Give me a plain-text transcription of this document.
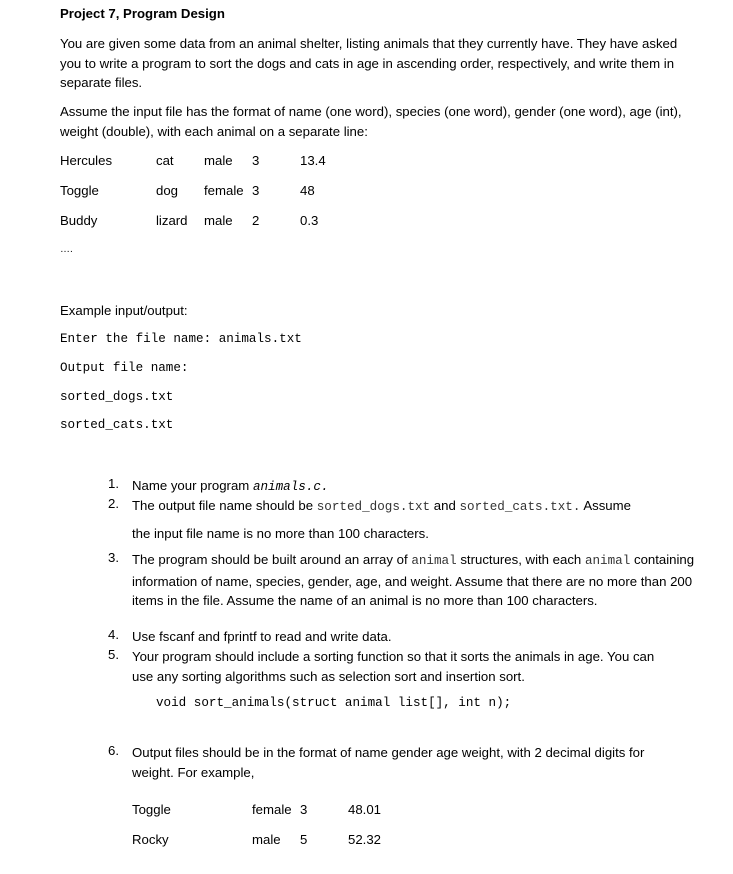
Project 7, Program Design
You are given some data from an animal shelter, listing animals that they currently have. They have asked you to write a program to sort the dogs and cats in age in ascending order, respectively, and write them in separate files.
Assume the input file has the format of name (one word), species (one word), gender (one word), age (int), weight (double), with each animal on a separate line:
Hercules	cat male 3	13.4
Toggle	dog female 3	48
Buddy	lizard male 2	0.3
….
Example input/output:
Enter the file name: animals.txt
Output file name:
sorted_dogs.txt
sorted_cats.txt
1. Name your program animals.c.
2. The output file name should be sorted_dogs.txt and sorted_cats.txt. Assume
the input file name is no more than 100 characters.
3. The program should be built around an array of animal structures, with each animal containing information of name, species, gender, age, and weight. Assume that there are no more than 200 items in the file. Assume the name of an animal is no more than 100 characters.
4. Use fscanf and fprintf to read and write data.
5. Your program should include a sorting function so that it sorts the animals in age. You can use any sorting algorithms such as selection sort and insertion sort.
void sort_animals(struct animal list[], int n);
6. Output files should be in the format of name gender age weight, with 2 decimal digits for weight. For example,
Toggle	female 3	48.01
Rocky	male 5	52.32
